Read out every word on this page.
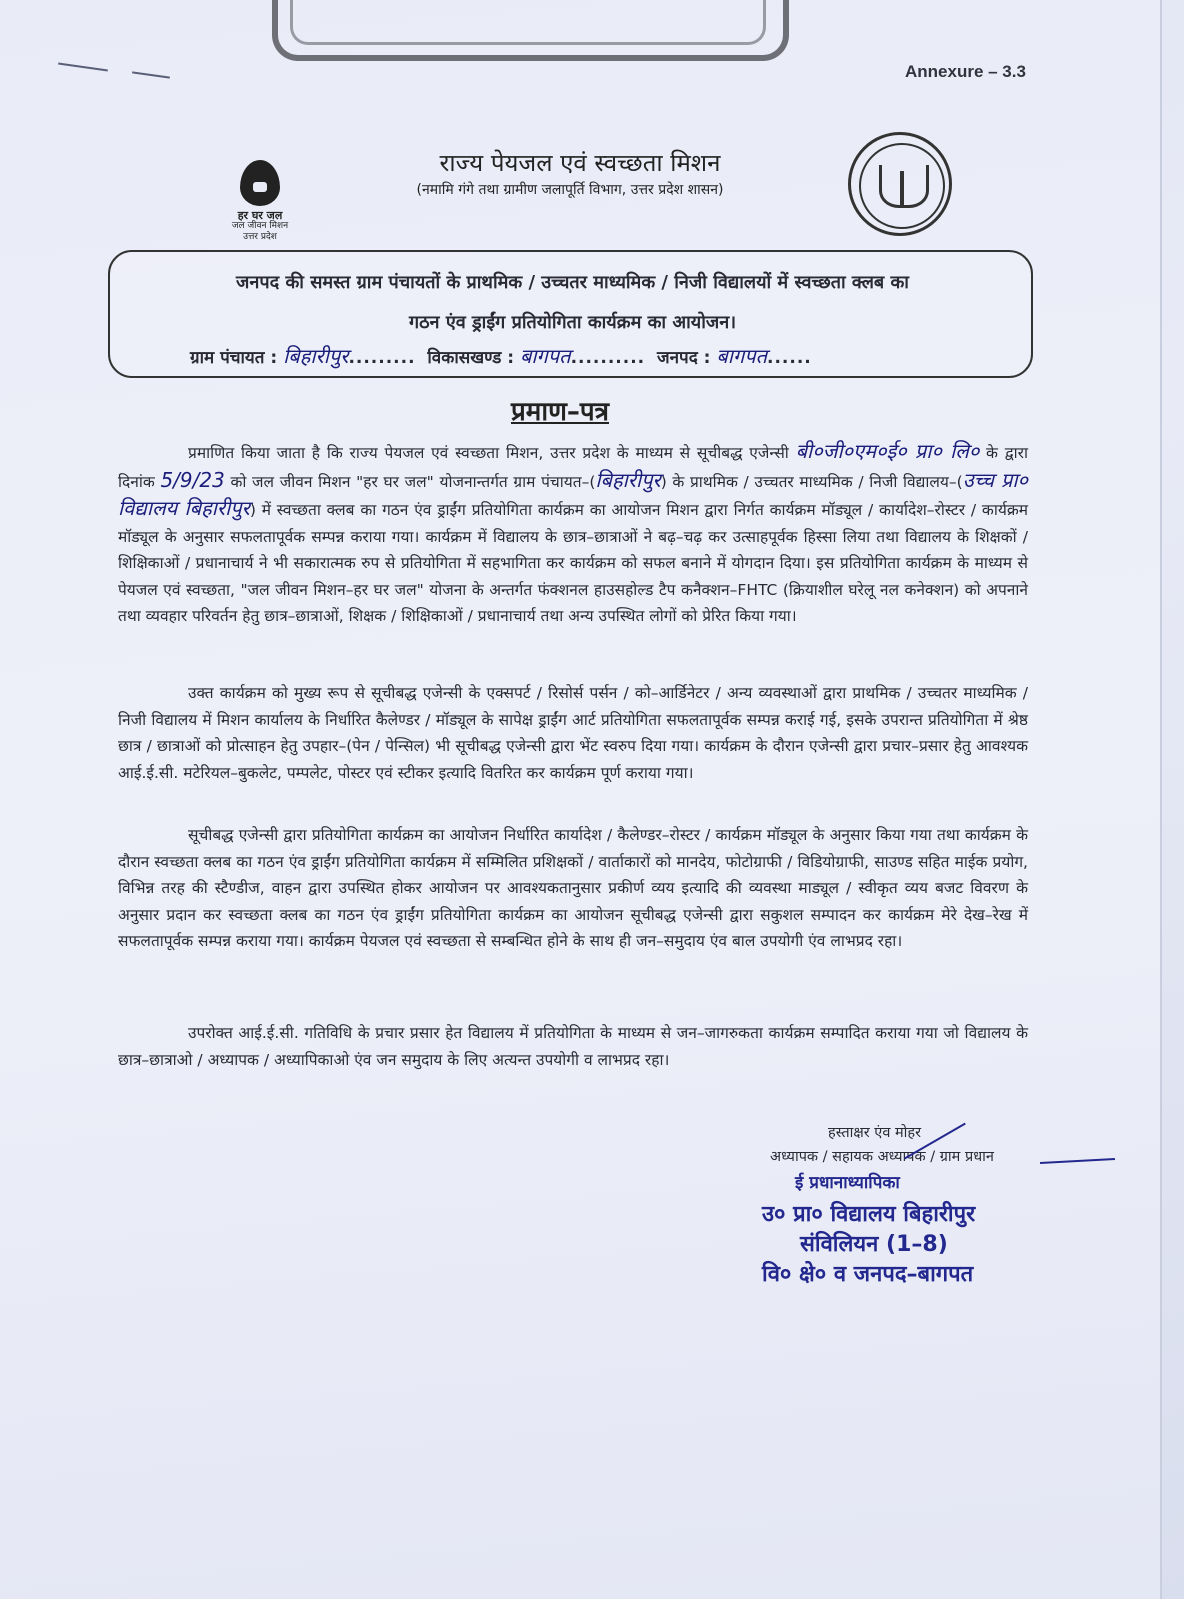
Annexure – 3.3
हर घर जल
जल जीवन मिशन
उत्तर प्रदेश
राज्य पेयजल एवं स्वच्छता मिशन
(नमामि गंगे तथा ग्रामीण जलापूर्ति विभाग, उत्तर प्रदेश शासन)
जनपद की समस्त ग्राम पंचायतों के प्राथमिक / उच्चतर माध्यमिक / निजी विद्यालयों में स्वच्छता क्लब का
गठन एंव ड्राईंग प्रतियोगिता कार्यक्रम का आयोजन।
ग्राम पंचायत : बिहारीपुर......... विकासखण्ड : बागपत.......... जनपद : बागपत......
प्रमाण–पत्र
प्रमाणित किया जाता है कि राज्य पेयजल एवं स्वच्छता मिशन, उत्तर प्रदेश के माध्यम से सूचीबद्ध एजेन्सी बी०जी०एम०ई० प्रा० लि० के द्वारा दिनांक 5/9/23 को जल जीवन मिशन "हर घर जल" योजनान्तर्गत ग्राम पंचायत–(बिहारीपुर) के प्राथमिक / उच्चतर माध्यमिक / निजी विद्यालय–(उच्च प्रा० विद्यालय बिहारीपुर) में स्वच्छता क्लब का गठन एंव ड्राईंग प्रतियोगिता कार्यक्रम का आयोजन मिशन द्वारा निर्गत कार्यक्रम मॉड्यूल / कार्यादेश–रोस्टर / कार्यक्रम मॉड्यूल के अनुसार सफलतापूर्वक सम्पन्न कराया गया। कार्यक्रम में विद्यालय के छात्र–छात्राओं ने बढ़–चढ़ कर उत्साहपूर्वक हिस्सा लिया तथा विद्यालय के शिक्षकों / शिक्षिकाओं / प्रधानाचार्य ने भी सकारात्मक रुप से प्रतियोगिता में सहभागिता कर कार्यक्रम को सफल बनाने में योगदान दिया। इस प्रतियोगिता कार्यक्रम के माध्यम से पेयजल एवं स्वच्छता, "जल जीवन मिशन–हर घर जल" योजना के अन्तर्गत फंक्शनल हाउसहोल्ड टैप कनैक्शन–FHTC (क्रियाशील घरेलू नल कनेक्शन) को अपनाने तथा व्यवहार परिवर्तन हेतु छात्र–छात्राओं, शिक्षक / शिक्षिकाओं / प्रधानाचार्य तथा अन्य उपस्थित लोगों को प्रेरित किया गया।
उक्त कार्यक्रम को मुख्य रूप से सूचीबद्ध एजेन्सी के एक्सपर्ट / रिसोर्स पर्सन / को–आर्डिनेटर / अन्य व्यवस्थाओं द्वारा प्राथमिक / उच्चतर माध्यमिक / निजी विद्यालय में मिशन कार्यालय के निर्धारित कैलेण्डर / मॉड्यूल के सापेक्ष ड्राईंग आर्ट प्रतियोगिता सफलतापूर्वक सम्पन्न कराई गई, इसके उपरान्त प्रतियोगिता में श्रेष्ठ छात्र / छात्राओं को प्रोत्साहन हेतु उपहार–(पेन / पेन्सिल) भी सूचीबद्ध एजेन्सी द्वारा भेंट स्वरुप दिया गया। कार्यक्रम के दौरान एजेन्सी द्वारा प्रचार–प्रसार हेतु आवश्यक आई.ई.सी. मटेरियल–बुकलेट, पम्पलेट, पोस्टर एवं स्टीकर इत्यादि वितरित कर कार्यक्रम पूर्ण कराया गया।
सूचीबद्ध एजेन्सी द्वारा प्रतियोगिता कार्यक्रम का आयोजन निर्धारित कार्यादेश / कैलेण्डर–रोस्टर / कार्यक्रम मॉड्यूल के अनुसार किया गया तथा कार्यक्रम के दौरान स्वच्छता क्लब का गठन एंव ड्राईंग प्रतियोगिता कार्यक्रम में सम्मिलित प्रशिक्षकों / वार्ताकारों को मानदेय, फोटोग्राफी / विडियोग्राफी, साउण्ड सहित माईक प्रयोग, विभिन्न तरह की स्टैण्डीज, वाहन द्वारा उपस्थित होकर आयोजन पर आवश्यकतानुसार प्रकीर्ण व्यय इत्यादि की व्यवस्था माड्यूल / स्वीकृत व्यय बजट विवरण के अनुसार प्रदान कर स्वच्छता क्लब का गठन एंव ड्राईंग प्रतियोगिता कार्यक्रम का आयोजन सूचीबद्ध एजेन्सी द्वारा सकुशल सम्पादन कर कार्यक्रम मेरे देख–रेख में सफलतापूर्वक सम्पन्न कराया गया। कार्यक्रम पेयजल एवं स्वच्छता से सम्बन्धित होने के साथ ही जन–समुदाय एंव बाल उपयोगी एंव लाभप्रद रहा।
उपरोक्त आई.ई.सी. गतिविधि के प्रचार प्रसार हेत विद्यालय में प्रतियोगिता के माध्यम से जन–जागरुकता कार्यक्रम सम्पादित कराया गया जो विद्यालय के छात्र–छात्राओ / अध्यापक / अध्यापिकाओ एंव जन समुदाय के लिए अत्यन्त उपयोगी व लाभप्रद रहा।
हस्ताक्षर एंव मोहर
अध्यापक / सहायक अध्यापक / ग्राम प्रधान
ई प्रधानाध्यापिका
उ० प्रा० विद्यालय बिहारीपुर
संविलियन (1–8)
वि० क्षे० व जनपद–बागपत
